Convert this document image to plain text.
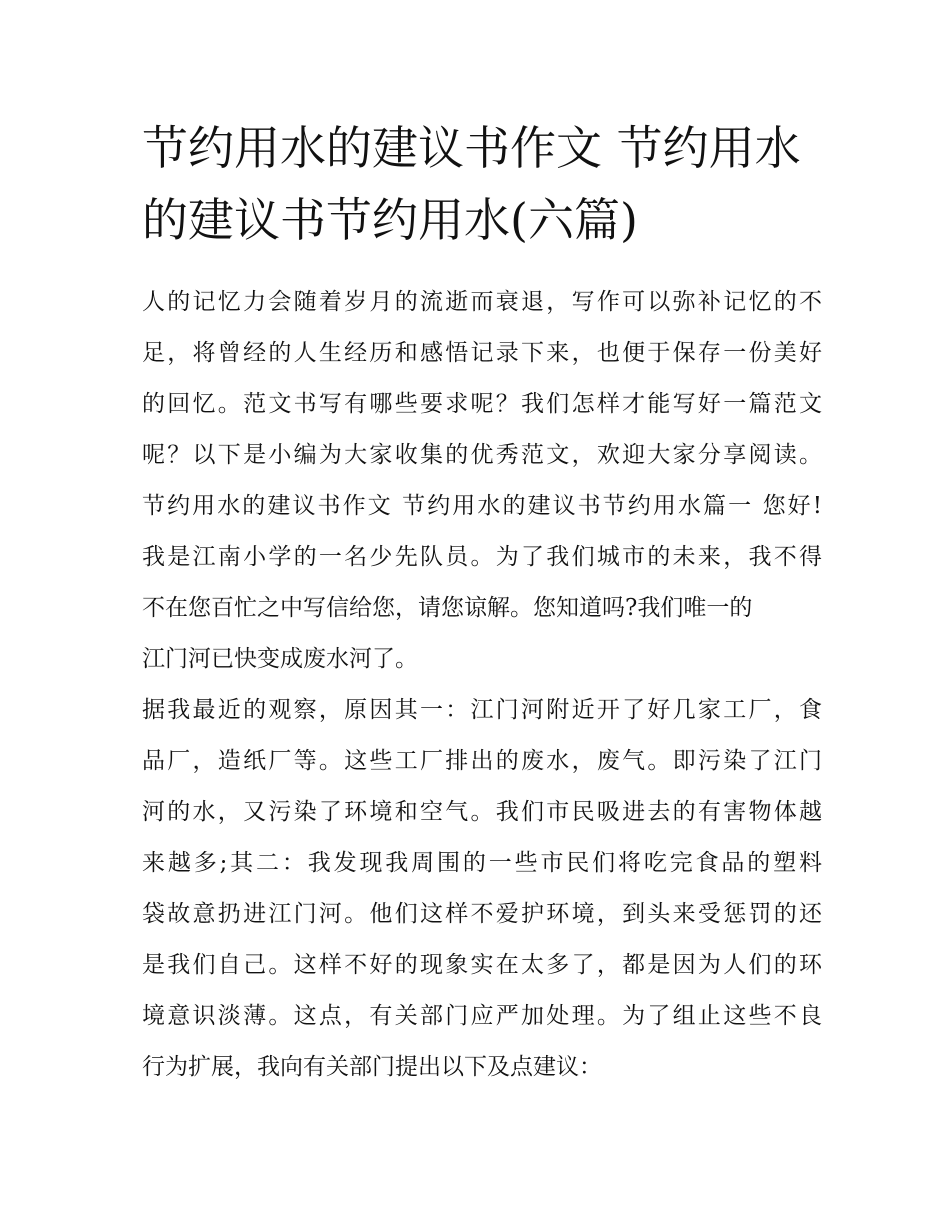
节约用水的建议书作文 节约用水的建议书节约用水(六篇)

人的记忆力会随着岁月的流逝而衰退，写作可以弥补记忆的不

足，将曾经的人生经历和感悟记录下来，也便于保存一份美好

的回忆。范文书写有哪些要求呢？我们怎样才能写好一篇范文

呢？以下是小编为大家收集的优秀范文，欢迎大家分享阅读。

节约用水的建议书作文 节约用水的建议书节约用水篇一 您好!

我是江南小学的一名少先队员。为了我们城市的未来，我不得

不在您百忙之中写信给您，请您谅解。您知道吗?我们唯一的

江门河已快变成废水河了。

据我最近的观察，原因其一：江门河附近开了好几家工厂，食

品厂，造纸厂等。这些工厂排出的废水，废气。即污染了江门

河的水，又污染了环境和空气。我们市民吸进去的有害物体越

来越多;其二：我发现我周围的一些市民们将吃完食品的塑料

袋故意扔进江门河。他们这样不爱护环境，到头来受惩罚的还

是我们自己。这样不好的现象实在太多了，都是因为人们的环

境意识淡薄。这点，有关部门应严加处理。为了组止这些不良

行为扩展，我向有关部门提出以下及点建议：
